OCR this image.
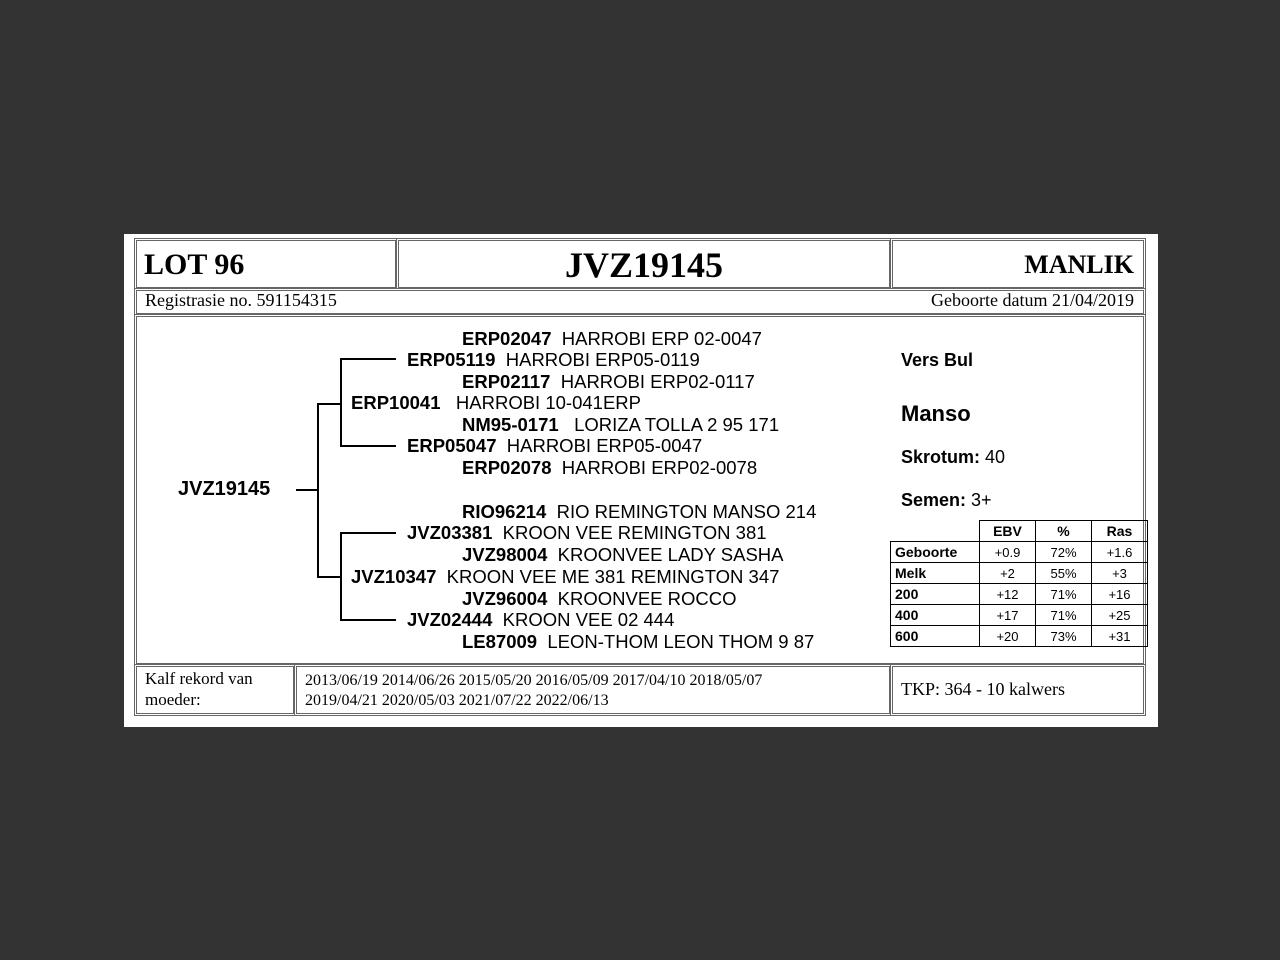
LOT 96	JVZ19145	MANLIK
Registrasie no. 591154315	Geboorte datum 21/04/2019
JVZ19145
ERP02047 HARROBI ERP 02-0047
ERP05119 HARROBI ERP05-0119
ERP02117 HARROBI ERP02-0117
ERP10041 HARROBI 10-041ERP
NM95-0171 LORIZA TOLLA 2 95 171
ERP05047 HARROBI ERP05-0047
ERP02078 HARROBI ERP02-0078
RIO96214 RIO REMINGTON MANSO 214
JVZ03381 KROON VEE REMINGTON 381
JVZ98004 KROONVEE LADY SASHA
JVZ10347 KROON VEE ME 381 REMINGTON 347
JVZ96004 KROONVEE ROCCO
JVZ02444 KROON VEE 02 444
LE87009 LEON-THOM LEON THOM 9 87
Vers Bul
Manso
Skrotum: 40
Semen: 3+
	EBV	%	Ras
Geboorte	+0.9	72%	+1.6
Melk	+2	55%	+3
200	+12	71%	+16
400	+17	71%	+25
600	+20	73%	+31
Kalf rekord van
moeder:
2013/06/19 2014/06/26 2015/05/20 2016/05/09 2017/04/10 2018/05/07
2019/04/21 2020/05/03 2021/07/22 2022/06/13
TKP: 364 - 10 kalwers
